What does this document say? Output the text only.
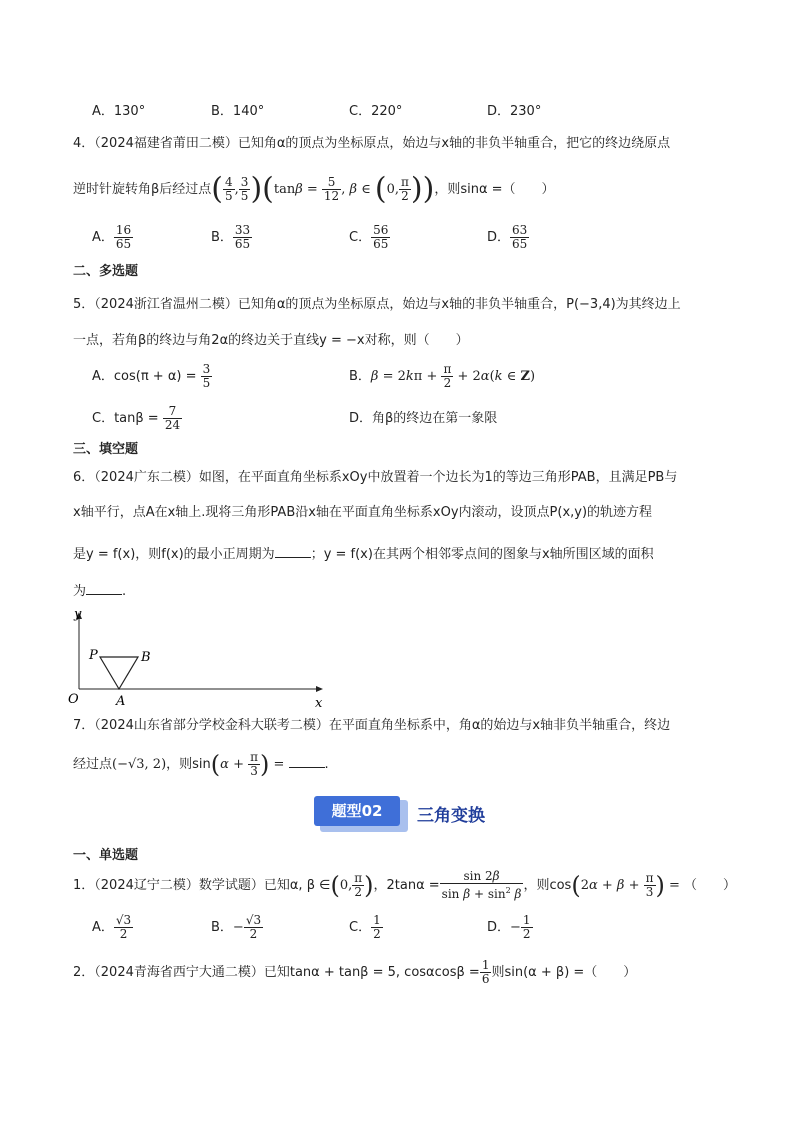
A．130°	B．140°	C．220°	D．230°
4．（2024福建省莆田二模）已知角α的顶点为坐标原点，始边与x轴的非负半轴重合，把它的终边绕原点
逆时针旋转角β后经过点( $\frac{4}{5}$ , $\frac{3}{5} )(\tan\beta = \frac{5}{12}$ , β ∈ (0, $\frac{\pi}{2}$ ))，则sinα =（　　）
A． $\frac{16}{65}$	B． $\frac{33}{65}$	C． $\frac{56}{65}$	D． $\frac{63}{65}$
二、多选题
5．（2024浙江省温州二模）已知角α的顶点为坐标原点，始边与x轴的非负半轴重合，P(−3,4)为其终边上
一点，若角β的终边与角2α的终边关于直线y = −x对称，则（　　）
A．$\cos(\pi + \alpha) = \frac{3}{5}$	B．$\beta = 2k\pi + \frac{\pi}{2} + 2\alpha(k$ ∈ Z)
C．$\tan\beta = \frac{7}{24}$	D．角β的终边在第一象限
三、填空题
6．（2024广东二模）如图，在平面直角坐标系xOy中放置着一个边长为1的等边三角形PAB，且满足PB与
x轴平行，点A在x轴上.现将三角形PAB沿x轴在平面直角坐标系xOy内滚动，设顶点P(x,y)的轨迹方程
是y = f(x)，则f(x)的最小正周期为	；y = f(x)在其两个相邻零点间的图象与x轴所围区域的面积
为	.
y
x
O
P	B
A
7．（2024山东省部分学校金科大联考二模）在平面直角坐标系中，角α的始边与x轴非负半轴重合，终边
经过点(−√3, 2)，则$\sin(\alpha + \frac{\pi}{3}$ ) =	.
题型02	三角变换
一、单选题
1．（2024辽宁二模）数学试题）已知α, β ∈(0, $\frac{\pi}{2}$ )，$2\tan\alpha = \frac{\sin 2\beta}{\sin \beta + \sin^2 \beta}$ ，则$\cos(2\alpha + \beta + \frac{\pi}{3}$ ) = （　　）
A． $\frac{√3}{2}$	B．− $\frac{√3}{2}$	C． $\frac{1}{2}$	D．− $\frac{1}{2}$
2．（2024青海省西宁大通二模）已知tanα + tanβ = 5, $\cos\alpha\cos\beta = \frac{1}{6}$ 则sin(α + β) =（　　）
